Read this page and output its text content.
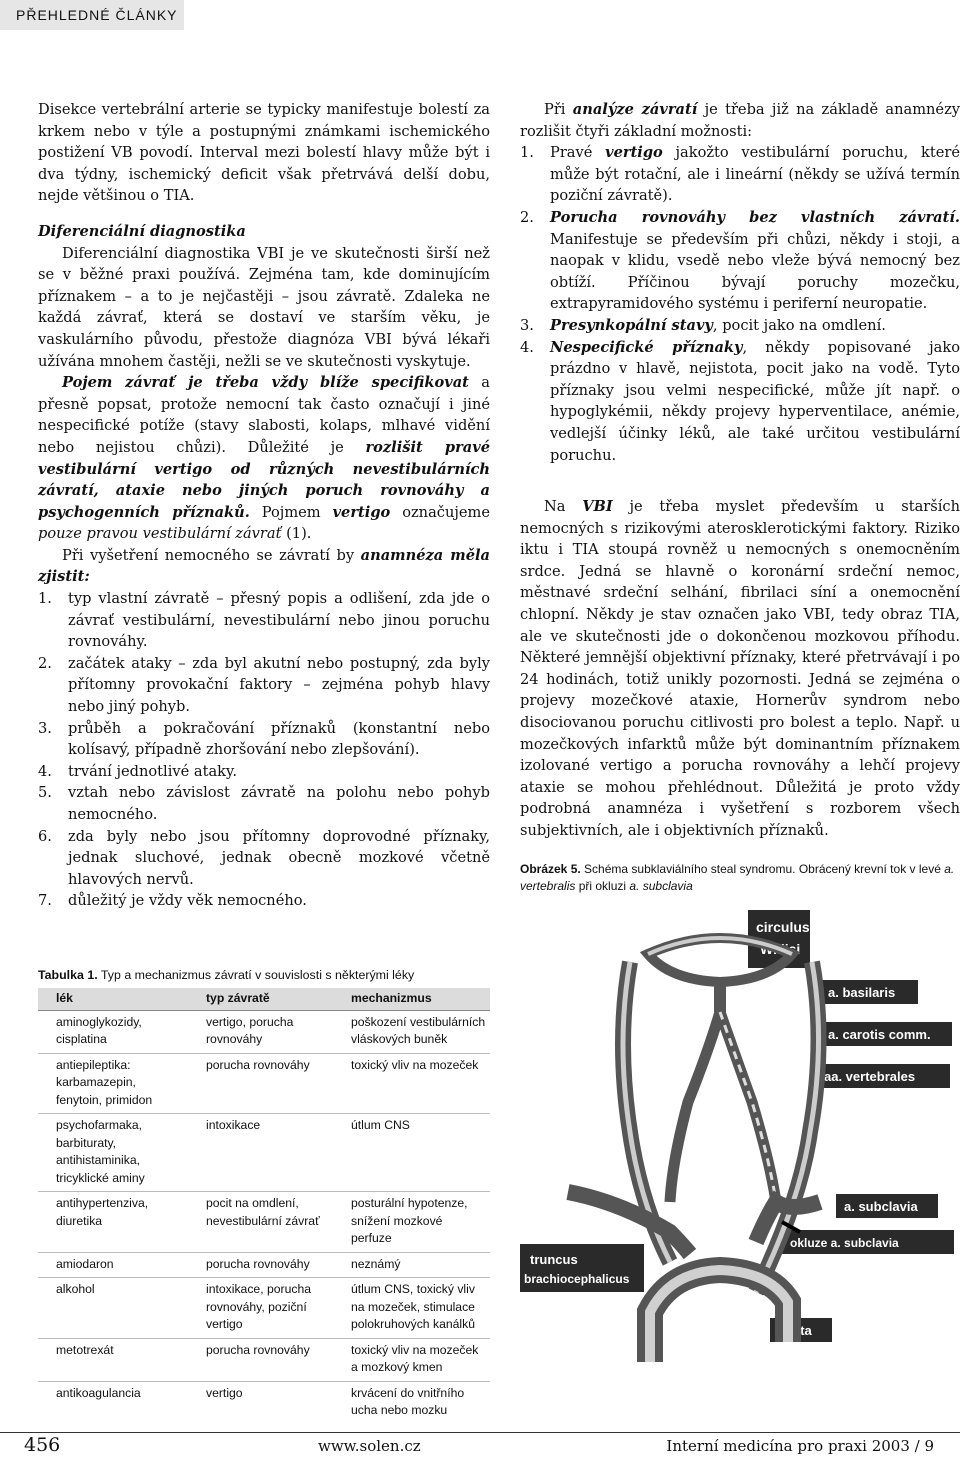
PŘEHLEDNÉ ČLÁNKY

Disekce vertebrální arterie se typicky manifestuje bolestí za krkem nebo v týle a postupnými známkami ischemického postižení VB povodí. Interval mezi bolestí hlavy může být i dva týdny, ischemický deficit však přetrvává delší dobu, nejde většinou o TIA.

Diferenciální diagnostika

Diferenciální diagnostika VBI je ve skutečnosti širší než se v běžné praxi používá. Zejména tam, kde dominujícím příznakem – a to je nejčastěji – jsou závratě. Zdaleka ne každá závrať, která se dostaví ve starším věku, je vaskulárního původu, přestože diagnóza VBI bývá lékaři užívána mnohem častěji, nežli se ve skutečnosti vyskytuje.

Pojem závrať je třeba vždy blíže specifikovat a přesně popsat, protože nemocní tak často označují i jiné nespecifické potíže (stavy slabosti, kolaps, mlhavé vidění nebo nejistou chůzi). Důležité je rozlišit pravé vestibulární vertigo od různých nevestibulárních závratí, ataxie nebo jiných poruch rovnováhy a psychogenních příznaků. Pojmem vertigo označujeme pouze pravou vestibulární závrať (1).

Při vyšetření nemocného se závratí by anamnéza měla zjistit:

1. typ vlastní závratě – přesný popis a odlišení, zda jde o závrať vestibulární, nevestibulární nebo jinou poruchu rovnováhy.
2. začátek ataky – zda byl akutní nebo postupný, zda byly přítomny provokační faktory – zejména pohyb hlavy nebo jiný pohyb.
3. průběh a pokračování příznaků (konstantní nebo kolísavý, případně zhoršování nebo zlepšování).
4. trvání jednotlivé ataky.
5. vztah nebo závislost závratě na polohu nebo pohyb nemocného.
6. zda byly nebo jsou přítomny doprovodné příznaky, jednak sluchové, jednak obecně mozkové včetně hlavových nervů.
7. důležitý je vždy věk nemocného.

Při analýze závratí je třeba již na základě anamnézy rozlišit čtyři základní možnosti:

1. Pravé vertigo jakožto vestibulární poruchu, které může být rotační, ale i lineární (někdy se užívá termín poziční závratě).
2. Porucha rovnováhy bez vlastních závratí. Manifestuje se především při chůzi, někdy i stoji, a naopak v klidu, vsedě nebo vleže bývá nemocný bez obtíží. Příčinou bývají poruchy mozečku, extrapyramidového systému i periferní neuropatie.
3. Presynkopální stavy, pocit jako na omdlení.
4. Nespecifické příznaky, někdy popisované jako prázdno v hlavě, nejistota, pocit jako na vodě. Tyto příznaky jsou velmi nespecifické, může jít např. o hypoglykémii, někdy projevy hyperventilace, anémie, vedlejší účinky léků, ale také určitou vestibulární poruchu.

Na VBI je třeba myslet především u starších nemocných s rizikovými aterosklerotickými faktory. Riziko iktu i TIA stoupá rovněž u nemocných s onemocněním srdce. Jedná se hlavně o koronární srdeční nemoc, městnavé srdeční selhání, fibrilaci síní a onemocnění chlopní. Někdy je stav označen jako VBI, tedy obraz TIA, ale ve skutečnosti jde o dokončenou mozkovou příhodu. Některé jemnější objektivní příznaky, které přetrvávají i po 24 hodinách, totiž unikly pozornosti. Jedná se zejména o projevy mozečkové ataxie, Hornerův syndrom nebo disociovanou poruchu citlivosti pro bolest a teplo. Např. u mozečkových infarktů může být dominantním příznakem izolované vertigo a porucha rovnováhy a lehčí projevy ataxie se mohou přehlédnout. Důležitá je proto vždy podrobná anamnéza i vyšetření s rozborem všech subjektivních, ale i objektivních příznaků.

Obrázek 5. Schéma subklaviálního steal syndromu. Obrácený krevní tok v levé a. vertebralis při okluzi a. subclavia
circulus
Willisi
a. basilaris
a. carotis comm.
aa. vertebrales
a. subclavia
okluze a. subclavia
truncus
brachiocephalicus
aorta
Tabulka 1. Typ a mechanizmus závratí v souvislosti s některými léky
lék	typ závratě	mechanizmus
aminoglykozidy, cisplatina	vertigo, porucha rovnováhy	poškození vestibulárních vláskových buněk
antiepileptika: karbamazepin, fenytoin, primidon	porucha rovnováhy	toxický vliv na mozeček
psychofarmaka, barbituraty, antihistaminika, tricyklické aminy	intoxikace	útlum CNS
antihypertenziva, diuretika	pocit na omdlení, nevestibulární závrať	posturální hypotenze, snížení mozkové perfuze
amiodaron	porucha rovnováhy	neznámý
alkohol	intoxikace, porucha rovnováhy, poziční vertigo	útlum CNS, toxický vliv na mozeček, stimulace polokruhových kanálků
metotrexát	porucha rovnováhy	toxický vliv na mozeček a mozkový kmen
antikoagulancia	vertigo	krvácení do vnitřního ucha nebo mozku
456	www.solen.cz	Interní medicína pro praxi 2003 / 9
